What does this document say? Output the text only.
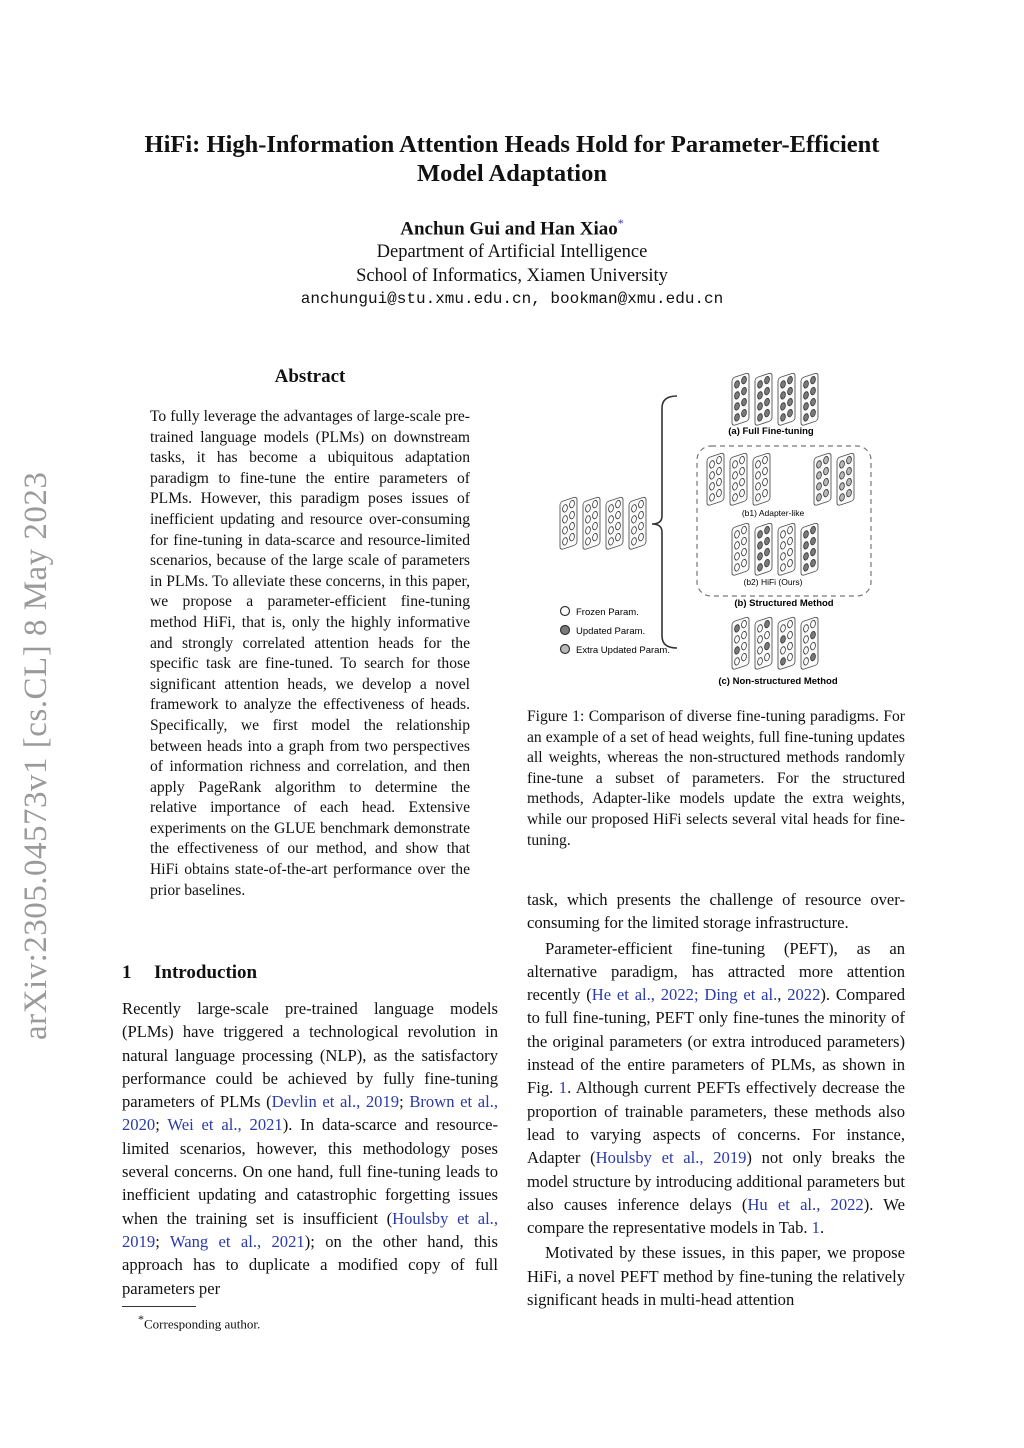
arXiv:2305.04573v1 [cs.CL] 8 May 2023
HiFi: High-Information Attention Heads Hold for Parameter-Efficient Model Adaptation
Anchun Gui and Han Xiao*
Department of Artificial Intelligence
School of Informatics, Xiamen University
anchungui@stu.xmu.edu.cn, bookman@xmu.edu.cn
Abstract
To fully leverage the advantages of large-scale pre-trained language models (PLMs) on downstream tasks, it has become a ubiquitous adaptation paradigm to fine-tune the entire parameters of PLMs. However, this paradigm poses issues of inefficient updating and resource over-consuming for fine-tuning in data-scarce and resource-limited scenarios, because of the large scale of parameters in PLMs. To alleviate these concerns, in this paper, we propose a parameter-efficient fine-tuning method HiFi, that is, only the highly informative and strongly correlated attention heads for the specific task are fine-tuned. To search for those significant attention heads, we develop a novel framework to analyze the effectiveness of heads. Specifically, we first model the relationship between heads into a graph from two perspectives of information richness and correlation, and then apply PageRank algorithm to determine the relative importance of each head. Extensive experiments on the GLUE benchmark demonstrate the effectiveness of our method, and show that HiFi obtains state-of-the-art performance over the prior baselines.
1 Introduction
Recently large-scale pre-trained language models (PLMs) have triggered a technological revolution in natural language processing (NLP), as the satisfactory performance could be achieved by fully fine-tuning parameters of PLMs (Devlin et al., 2019; Brown et al., 2020; Wei et al., 2021). In data-scarce and resource-limited scenarios, however, this methodology poses several concerns. On one hand, full fine-tuning leads to inefficient updating and catastrophic forgetting issues when the training set is insufficient (Houlsby et al., 2019; Wang et al., 2021); on the other hand, this approach has to duplicate a modified copy of full parameters per
*Corresponding author.
(a) Full Fine-tuning
(b1) Adapter-like
(b2) HiFi (Ours)
(b) Structured Method
(c) Non-structured Method
Frozen Param.
Updated Param.
Extra Updated Param.
Figure 1: Comparison of diverse fine-tuning paradigms. For an example of a set of head weights, full fine-tuning updates all weights, whereas the non-structured methods randomly fine-tune a subset of parameters. For the structured methods, Adapter-like models update the extra weights, while our proposed HiFi selects several vital heads for fine-tuning.

task, which presents the challenge of resource over-consuming for the limited storage infrastructure.

Parameter-efficient fine-tuning (PEFT), as an alternative paradigm, has attracted more attention recently (He et al., 2022; Ding et al., 2022). Compared to full fine-tuning, PEFT only fine-tunes the minority of the original parameters (or extra introduced parameters) instead of the entire parameters of PLMs, as shown in Fig. 1. Although current PEFTs effectively decrease the proportion of trainable parameters, these methods also lead to varying aspects of concerns. For instance, Adapter (Houlsby et al., 2019) not only breaks the model structure by introducing additional parameters but also causes inference delays (Hu et al., 2022). We compare the representative models in Tab. 1.

Motivated by these issues, in this paper, we propose HiFi, a novel PEFT method by fine-tuning the relatively significant heads in multi-head attention
